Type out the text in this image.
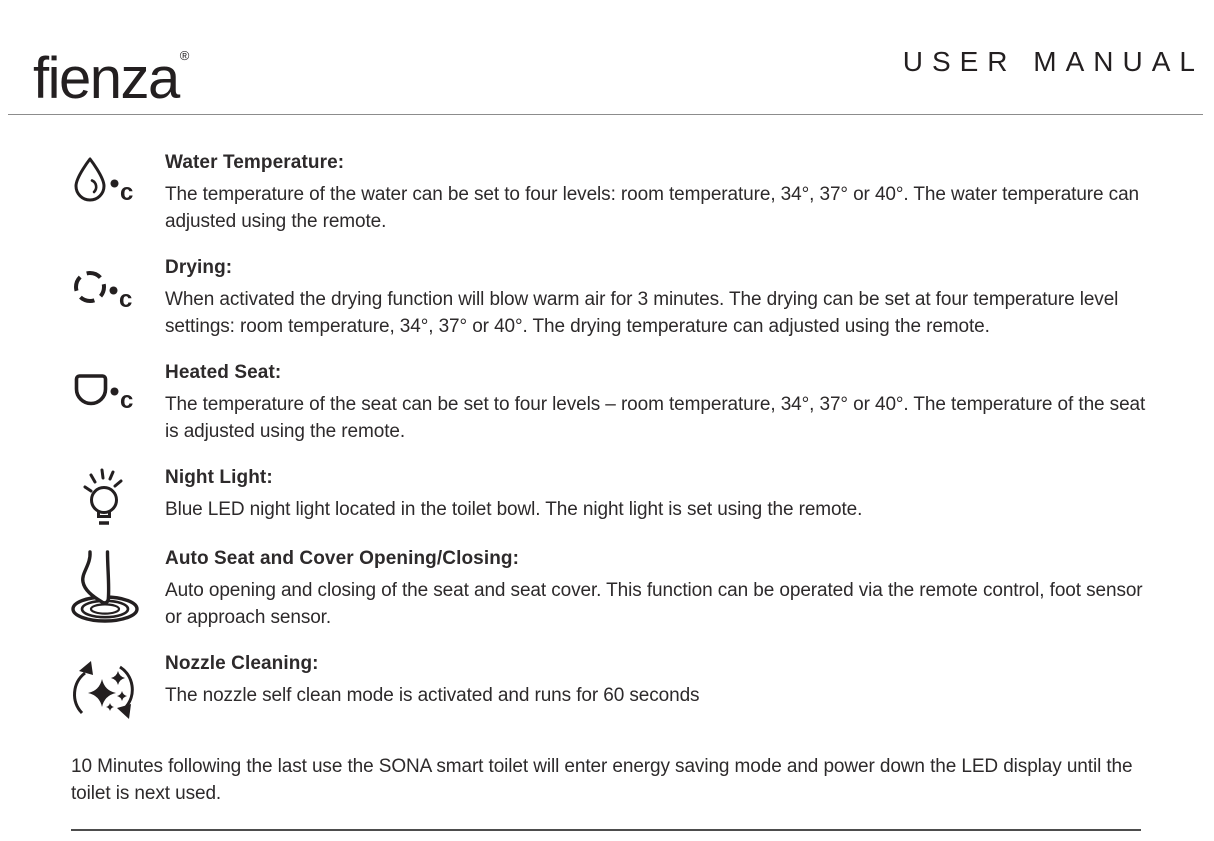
fienza®	USER MANUAL
c
Water Temperature:

The temperature of the water can be set to four levels: room temperature, 34°, 37° or 40°. The water temperature can adjusted using the remote.

c
Drying:

When activated the drying function will blow warm air for 3 minutes. The drying can be set at four temperature level settings: room temperature, 34°, 37° or 40°. The drying temperature can adjusted using the remote.

c
Heated Seat:

The temperature of the seat can be set to four levels – room temperature, 34°, 37° or 40°. The temperature of the seat is adjusted using the remote.

Night Light:

Blue LED night light located in the toilet bowl. The night light is set using the remote.

Auto Seat and Cover Opening/Closing:

Auto opening and closing of the seat and seat cover. This function can be operated via the remote control, foot sensor or approach sensor.

Nozzle Cleaning:

The nozzle self clean mode is activated and runs for 60 seconds

10 Minutes following the last use the SONA smart toilet will enter energy saving mode and power down the LED display until the toilet is next used.
